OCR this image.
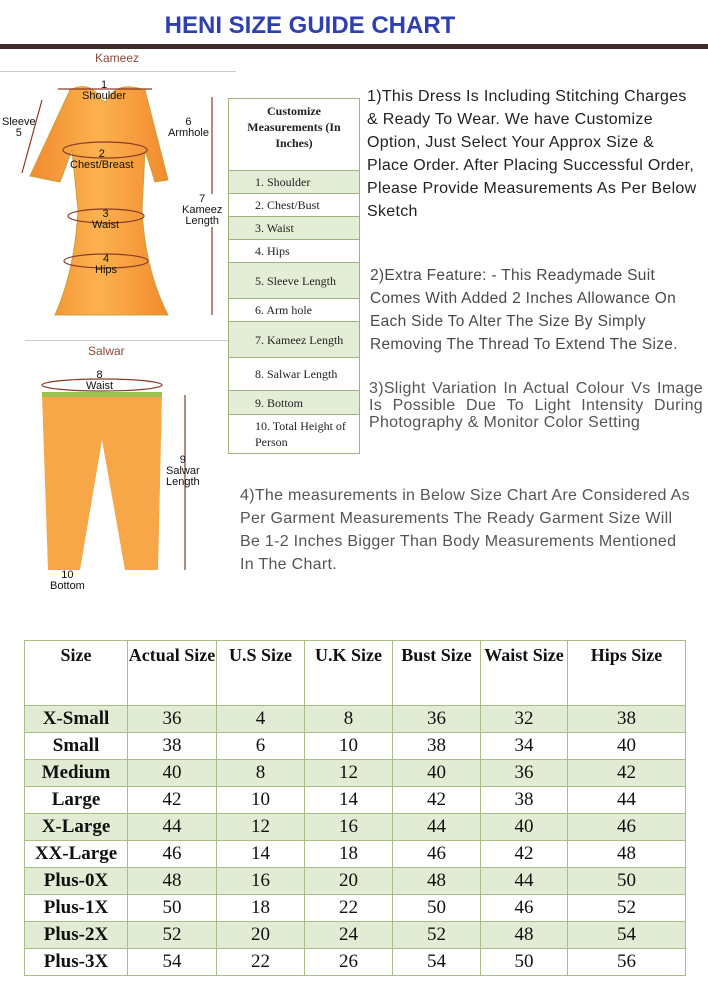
HENI SIZE GUIDE CHART
Kameez
1
Shoulder
Sleeve
5
6
Armhole
2
Chest/Breast
3
Waist
4
Hips
7
Kameez
Length
Salwar
8
Waist
9
Salwar
Length
10
Bottom
Customize Measurements (In Inches)
1. Shoulder
2. Chest/Bust
3. Waist
4. Hips
5. Sleeve Length
6. Arm hole
7. Kameez Length
8. Salwar Length
9. Bottom
10. Total Height of Person
1)This Dress Is Including Stitching Charges & Ready To Wear. We have Customize Option, Just Select Your Approx Size & Place Order. After Placing Successful Order, Please Provide Measurements As Per Below Sketch
2)Extra Feature: - This Readymade Suit Comes With Added 2 Inches Allowance On Each Side To Alter The Size By Simply Removing The Thread To Extend The Size.
3)Slight Variation In Actual Colour Vs Image Is Possible Due To Light Intensity During Photography & Monitor Color Setting
4)The measurements in Below Size Chart Are Considered As Per Garment Measurements The Ready Garment Size Will Be 1-2 Inches Bigger Than Body Measurements Mentioned In The Chart.
Size	Actual Size	U.S Size	U.K Size	Bust Size	Waist Size	Hips Size
X-Small	36	4	8	36	32	38
Small	38	6	10	38	34	40
Medium	40	8	12	40	36	42
Large	42	10	14	42	38	44
X-Large	44	12	16	44	40	46
XX-Large	46	14	18	46	42	48
Plus-0X	48	16	20	48	44	50
Plus-1X	50	18	22	50	46	52
Plus-2X	52	20	24	52	48	54
Plus-3X	54	22	26	54	50	56
